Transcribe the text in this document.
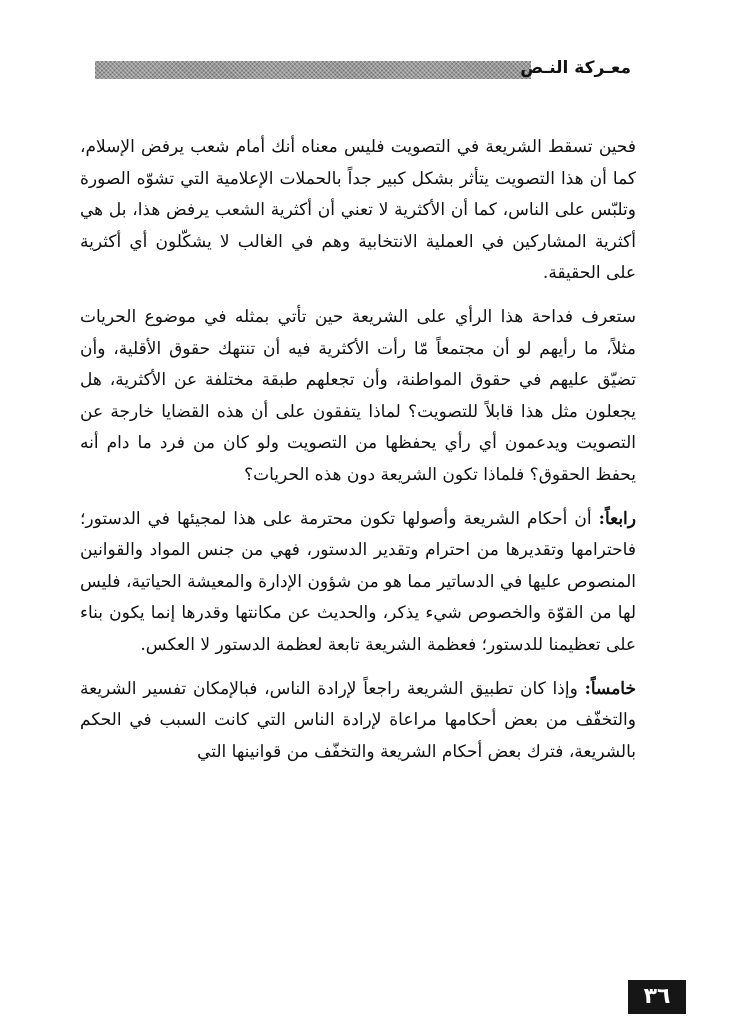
معـركة النـص

فحين تسقط الشريعة في التصويت فليس معناه أنك أمام شعب يرفض الإسلام، كما أن هذا التصويت يتأثر بشكل كبير جداً بالحملات الإعلامية التي تشوّه الصورة وتلبّس على الناس، كما أن الأكثرية لا تعني أن أكثرية الشعب يرفض هذا، بل هي أكثرية المشاركين في العملية الانتخابية وهم في الغالب لا يشكّلون أي أكثرية على الحقيقة.

ستعرف فداحة هذا الرأي على الشريعة حين تأتي بمثله في موضوع الحريات مثلاً، ما رأيهم لو أن مجتمعاً مّا رأت الأكثرية فيه أن تنتهك حقوق الأقلية، وأن تضيّق عليهم في حقوق المواطنة، وأن تجعلهم طبقة مختلفة عن الأكثرية، هل يجعلون مثل هذا قابلاً للتصويت؟ لماذا يتفقون على أن هذه القضايا خارجة عن التصويت ويدعمون أي رأي يحفظها من التصويت ولو كان من فرد ما دام أنه يحفظ الحقوق؟ فلماذا تكون الشريعة دون هذه الحريات؟

رابعاً: أن أحكام الشريعة وأصولها تكون محترمة على هذا لمجيئها في الدستور؛ فاحترامها وتقديرها من احترام وتقدير الدستور، فهي من جنس المواد والقوانين المنصوص عليها في الدساتير مما هو من شؤون الإدارة والمعيشة الحياتية، فليس لها من القوّة والخصوص شيء يذكر، والحديث عن مكانتها وقدرها إنما يكون بناء على تعظيمنا للدستور؛ فعظمة الشريعة تابعة لعظمة الدستور لا العكس.

خامساً: وإذا كان تطبيق الشريعة راجعاً لإرادة الناس، فبالإمكان تفسير الشريعة والتخفّف من بعض أحكامها مراعاة لإرادة الناس التي كانت السبب في الحكم بالشريعة، فترك بعض أحكام الشريعة والتخفّف من قوانينها التي

٣٦
